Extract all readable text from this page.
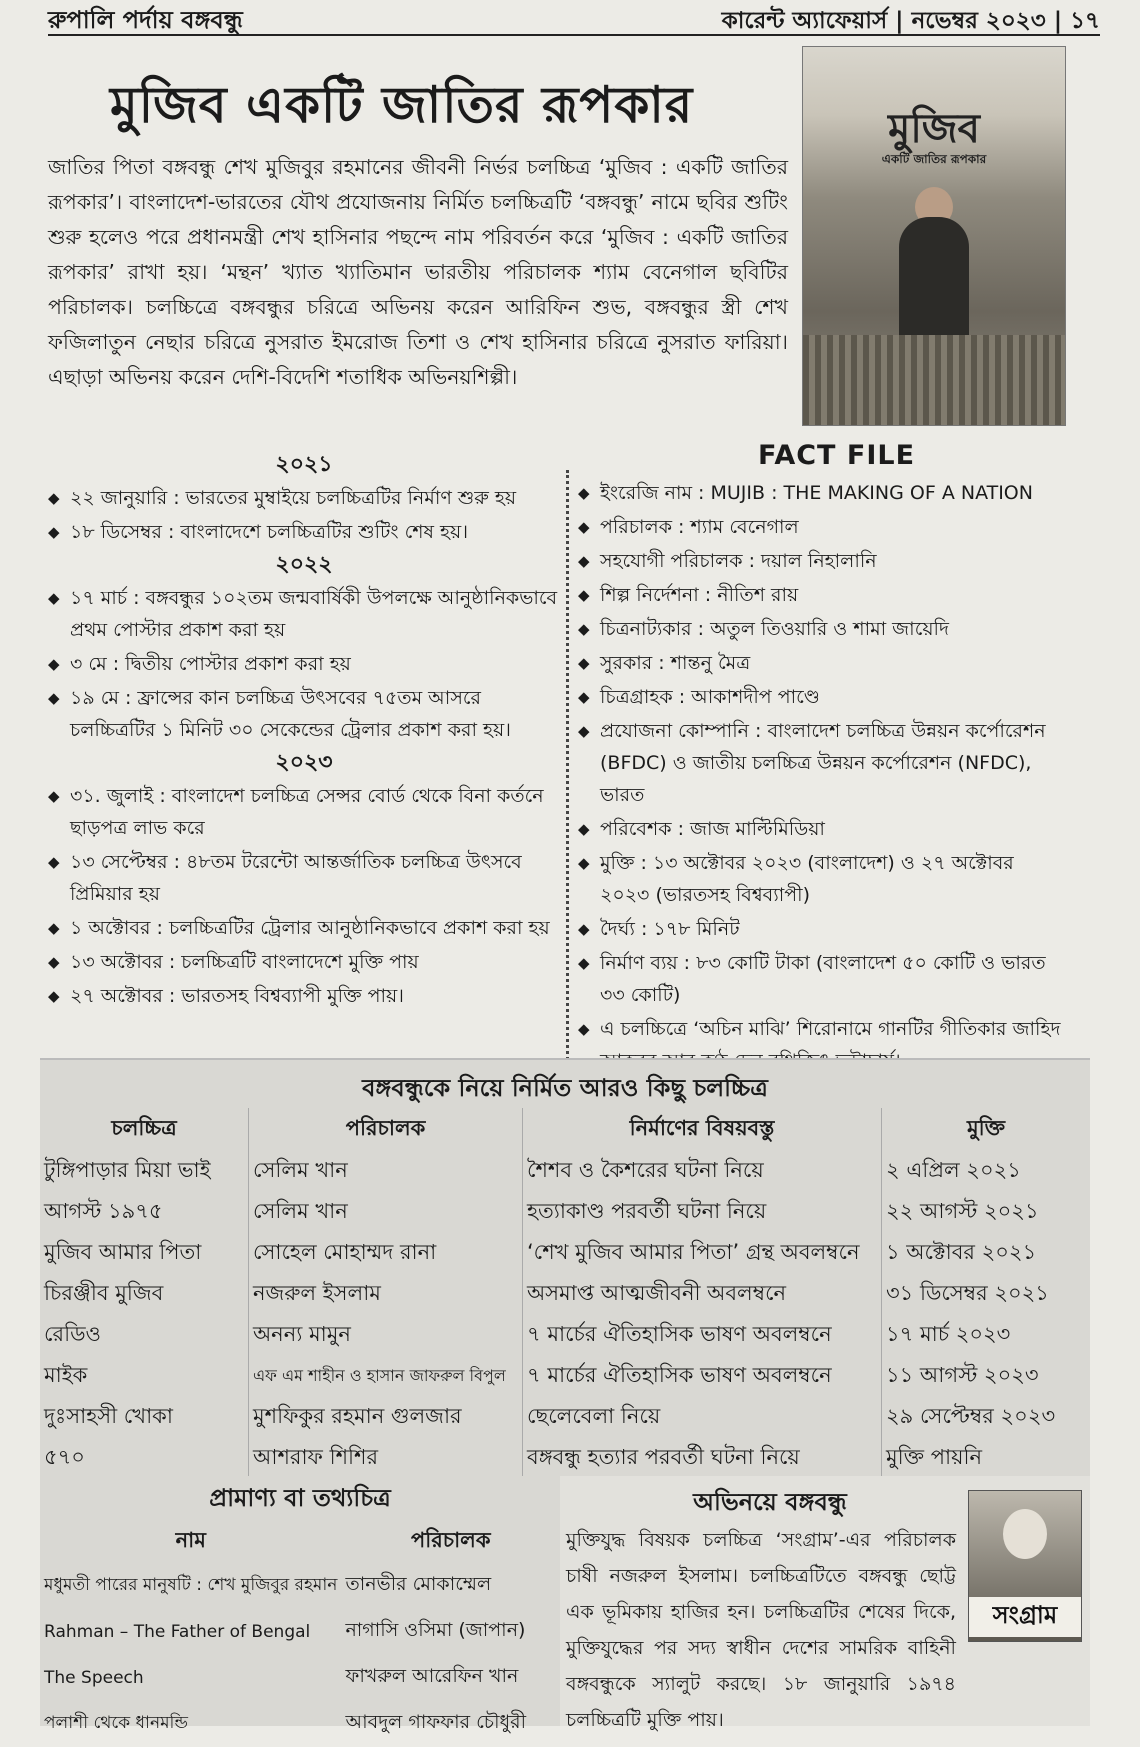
রুপালি পর্দায় বঙ্গবন্ধু	কারেন্ট অ্যাফেয়ার্স | নভেম্বর ২০২৩ | ১৭
মুজিব একটি জাতির রূপকার	মুজিব
একটি জাতির রূপকার
জাতির পিতা বঙ্গবন্ধু শেখ মুজিবুর রহমানের জীবনী নির্ভর চলচ্চিত্র ‘মুজিব : একটি জাতির রূপকার’। বাংলাদেশ-ভারতের যৌথ প্রযোজনায় নির্মিত চলচ্চিত্রটি ‘বঙ্গবন্ধু’ নামে ছবির শুটিং শুরু হলেও পরে প্রধানমন্ত্রী শেখ হাসিনার পছন্দে নাম পরিবর্তন করে ‘মুজিব : একটি জাতির রূপকার’ রাখা হয়। ‘মন্থন’ খ্যাত খ্যাতিমান ভারতীয় পরিচালক শ্যাম বেনেগাল ছবিটির পরিচালক। চলচ্চিত্রে বঙ্গবন্ধুর চরিত্রে অভিনয় করেন আরিফিন শুভ, বঙ্গবন্ধুর স্ত্রী শেখ ফজিলাতুন নেছার চরিত্রে নুসরাত ইমরোজ তিশা ও শেখ হাসিনার চরিত্রে নুসরাত ফারিয়া। এছাড়া অভিনয় করেন দেশি-বিদেশি শতাধিক অভিনয়শিল্পী।
২০২১
◆ ২২ জানুয়ারি : ভারতের মুম্বাইয়ে চলচ্চিত্রটির নির্মাণ শুরু হয়
◆ ১৮ ডিসেম্বর : বাংলাদেশে চলচ্চিত্রটির শুটিং শেষ হয়।
২০২২
◆ ১৭ মার্চ : বঙ্গবন্ধুর ১০২তম জন্মবার্ষিকী উপলক্ষে আনুষ্ঠানিকভাবে প্রথম পোস্টার প্রকাশ করা হয়
◆ ৩ মে : দ্বিতীয় পোস্টার প্রকাশ করা হয়
◆ ১৯ মে : ফ্রান্সের কান চলচ্চিত্র উৎসবের ৭৫তম আসরে চলচ্চিত্রটির ১ মিনিট ৩০ সেকেন্ডের ট্রেলার প্রকাশ করা হয়।
২০২৩
◆ ৩১. জুলাই : বাংলাদেশ চলচ্চিত্র সেন্সর বোর্ড থেকে বিনা কর্তনে ছাড়পত্র লাভ করে
◆ ১৩ সেপ্টেম্বর : ৪৮তম টরেন্টো আন্তর্জাতিক চলচ্চিত্র উৎসবে প্রিমিয়ার হয়
◆ ১ অক্টোবর : চলচ্চিত্রটির ট্রেলার আনুষ্ঠানিকভাবে প্রকাশ করা হয়
◆ ১৩ অক্টোবর : চলচ্চিত্রটি বাংলাদেশে মুক্তি পায়
◆ ২৭ অক্টোবর : ভারতসহ বিশ্বব্যাপী মুক্তি পায়।
FACT FILE
◆ ইংরেজি নাম : MUJIB : THE MAKING OF A NATION
◆ পরিচালক : শ্যাম বেনেগাল
◆ সহযোগী পরিচালক : দয়াল নিহালানি
◆ শিল্প নির্দেশনা : নীতিশ রায়
◆ চিত্রনাট্যকার : অতুল তিওয়ারি ও শামা জায়েদি
◆ সুরকার : শান্তনু মৈত্র
◆ চিত্রগ্রাহক : আকাশদীপ পাণ্ডে
◆ প্রযোজনা কোম্পানি : বাংলাদেশ চলচ্চিত্র উন্নয়ন কর্পোরেশন (BFDC) ও জাতীয় চলচ্চিত্র উন্নয়ন কর্পোরেশন (NFDC), ভারত
◆ পরিবেশক : জাজ মাল্টিমিডিয়া
◆ মুক্তি : ১৩ অক্টোবর ২০২৩ (বাংলাদেশ) ও ২৭ অক্টোবর ২০২৩ (ভারতসহ বিশ্বব্যাপী)
◆ দৈর্ঘ্য : ১৭৮ মিনিট
◆ নির্মাণ ব্যয় : ৮৩ কোটি টাকা (বাংলাদেশ ৫০ কোটি ও ভারত ৩৩ কোটি)
◆ এ চলচ্চিত্রে ‘অচিন মাঝি’ শিরোনামে গানটির গীতিকার জাহিদ
বঙ্গবন্ধুকে নিয়ে নির্মিত আরও কিছু চলচ্চিত্র
চলচ্চিত্র	পরিচালক	নির্মাণের বিষয়বস্তু	মুক্তি
টুঙ্গিপাড়ার মিয়া ভাই	সেলিম খান	শৈশব ও কৈশরের ঘটনা নিয়ে	২ এপ্রিল ২০২১
আগস্ট ১৯৭৫	সেলিম খান	হত্যাকাণ্ড পরবর্তী ঘটনা নিয়ে	২২ আগস্ট ২০২১
মুজিব আমার পিতা	সোহেল মোহাম্মদ রানা	‘শেখ মুজিব আমার পিতা’ গ্রন্থ অবলম্বনে	১ অক্টোবর ২০২১
চিরঞ্জীব মুজিব	নজরুল ইসলাম	অসমাপ্ত আত্মজীবনী অবলম্বনে	৩১ ডিসেম্বর ২০২১
রেডিও	অনন্য মামুন	৭ মার্চের ঐতিহাসিক ভাষণ অবলম্বনে	১৭ মার্চ ২০২৩
মাইক	এফ এম শাহীন ও হাসান জাফরুল বিপুল	৭ মার্চের ঐতিহাসিক ভাষণ অবলম্বনে	১১ আগস্ট ২০২৩
দুঃসাহসী খোকা	মুশফিকুর রহমান গুলজার	ছেলেবেলা নিয়ে	২৯ সেপ্টেম্বর ২০২৩
৫৭০	আশরাফ শিশির	বঙ্গবন্ধু হত্যার পরবর্তী ঘটনা নিয়ে	মুক্তি পায়নি
প্রামাণ্য বা তথ্যচিত্র
নাম	পরিচালক
মধুমতী পারের মানুষটি : শেখ মুজিবুর রহমান	তানভীর মোকাম্মেল
Rahman – The Father of Bengal	নাগাসি ওসিমা (জাপান)
The Speech	ফাখরুল আরেফিন খান
পলাশী থেকে ধানমন্ডি	আবদুল গাফফার চৌধুরী
অভিনয়ে বঙ্গবন্ধু
মুক্তিযুদ্ধ বিষয়ক চলচ্চিত্র ‘সংগ্রাম’-এর পরিচালক চাষী নজরুল ইসলাম। চলচ্চিত্রটিতে বঙ্গবন্ধু ছোট্ট এক ভূমিকায় হাজির হন। চলচ্চিত্রটির শেষের দিকে, মুক্তিযুদ্ধের পর সদ্য স্বাধীন দেশের সামরিক বাহিনী বঙ্গবন্ধুকে স্যালুট করছে। ১৮ জানুয়ারি ১৯৭৪ চলচ্চিত্রটি মুক্তি পায়।
সংগ্রাম
